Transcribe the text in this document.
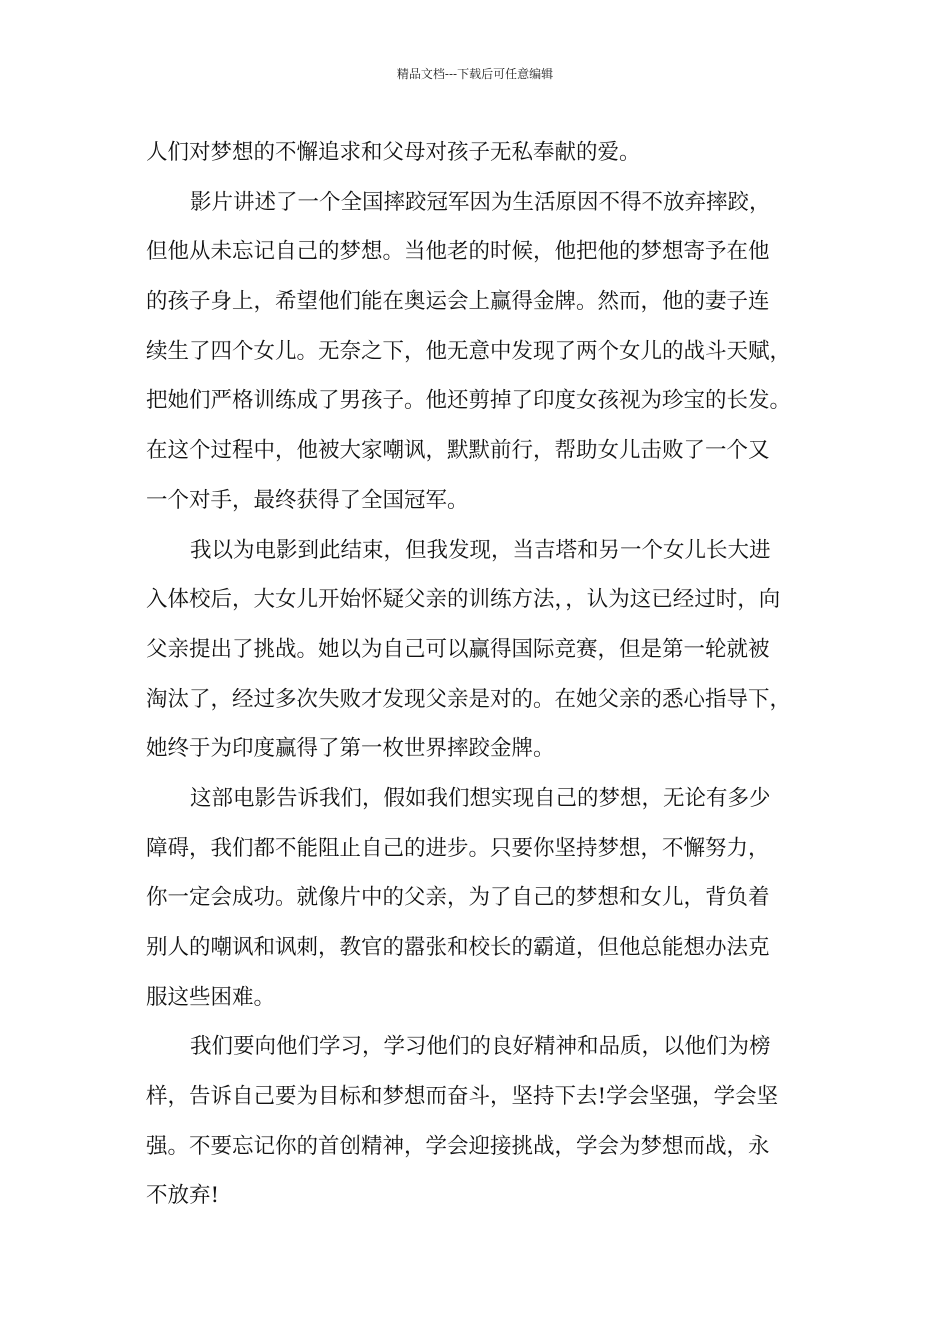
精品文档---下载后可任意编辑
人们对梦想的不懈追求和父母对孩子无私奉献的爱。
影片讲述了一个全国摔跤冠军因为生活原因不得不放弃摔跤，
但他从未忘记自己的梦想。当他老的时候，他把他的梦想寄予在他
的孩子身上，希望他们能在奥运会上赢得金牌。然而，他的妻子连
续生了四个女儿。无奈之下，他无意中发现了两个女儿的战斗天赋，
把她们严格训练成了男孩子。他还剪掉了印度女孩视为珍宝的长发。
在这个过程中，他被大家嘲讽，默默前行，帮助女儿击败了一个又
一个对手，最终获得了全国冠军。
我以为电影到此结束，但我发现，当吉塔和另一个女儿长大进
入体校后，大女儿开始怀疑父亲的训练方法，，认为这已经过时，向
父亲提出了挑战。她以为自己可以赢得国际竞赛，但是第一轮就被
淘汰了，经过多次失败才发现父亲是对的。在她父亲的悉心指导下，
她终于为印度赢得了第一枚世界摔跤金牌。
这部电影告诉我们，假如我们想实现自己的梦想，无论有多少
障碍，我们都不能阻止自己的进步。只要你坚持梦想，不懈努力，
你一定会成功。就像片中的父亲，为了自己的梦想和女儿，背负着
别人的嘲讽和讽刺，教官的嚣张和校长的霸道，但他总能想办法克
服这些困难。
我们要向他们学习，学习他们的良好精神和品质，以他们为榜
样，告诉自己要为目标和梦想而奋斗，坚持下去!学会坚强，学会坚
强。不要忘记你的首创精神，学会迎接挑战，学会为梦想而战，永
不放弃!
